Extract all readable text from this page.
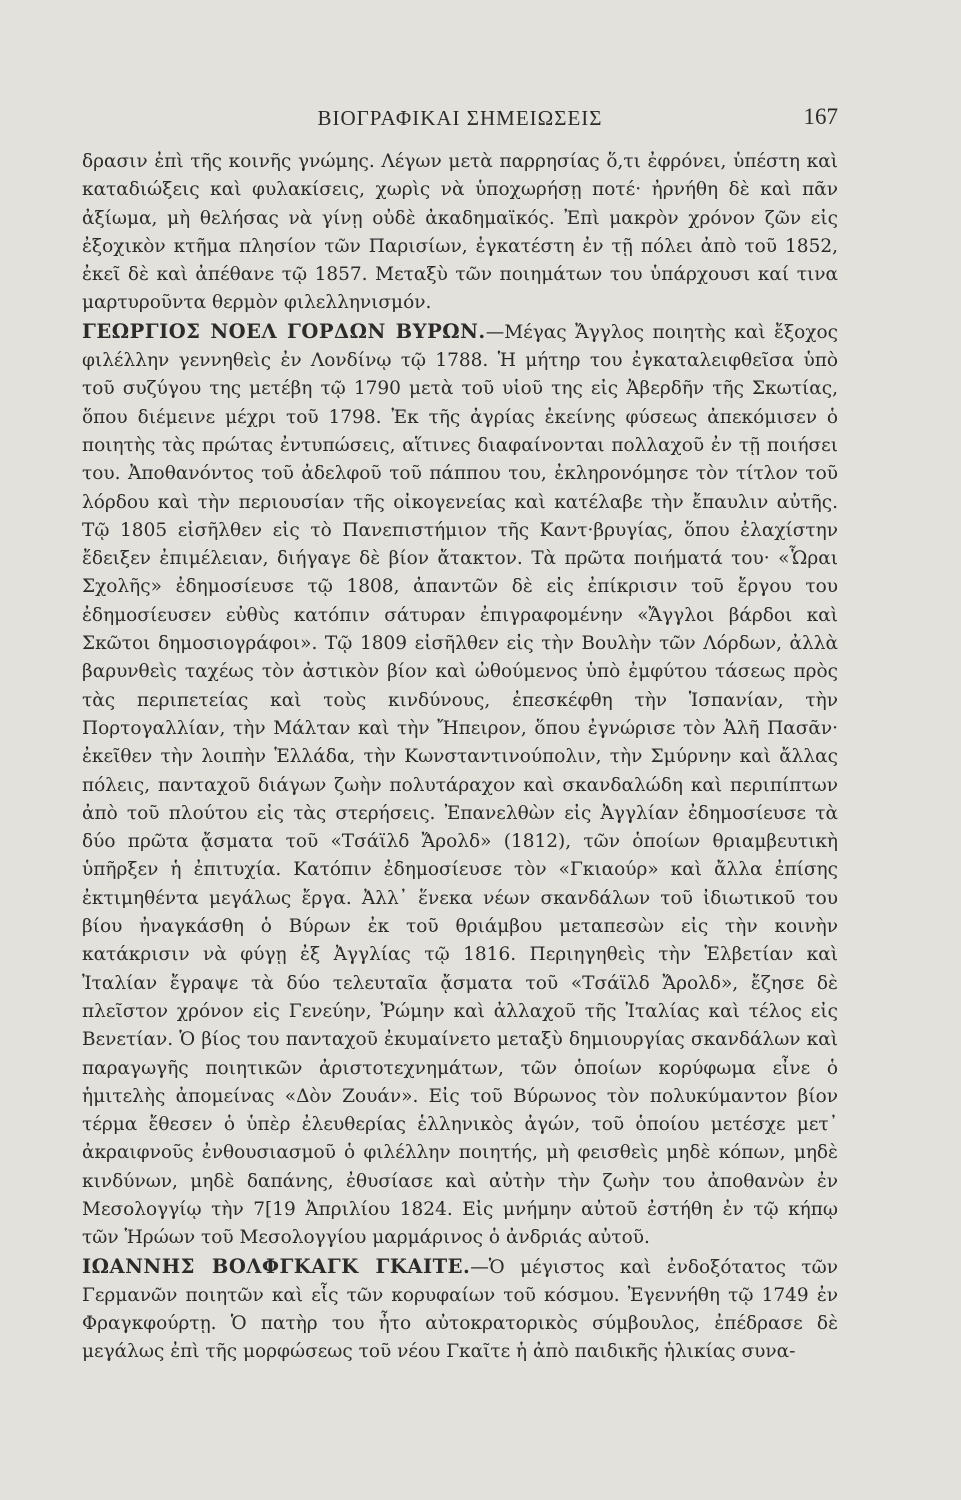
ΒΙΟΓΡΑΦΙΚΑΙ ΣΗΜΕΙΩΣΕΙΣ	167

δρασιν ἐπὶ τῆς κοινῆς γνώμης. Λέγων μετὰ παρρησίας ὅ,τι ἐφρόνει, ὑπέστη καὶ καταδιώξεις καὶ φυλακίσεις, χωρὶς νὰ ὑποχωρήσῃ ποτέ· ἠρνήθη δὲ καὶ πᾶν ἀξίωμα, μὴ θελήσας νὰ γίνῃ οὐδὲ ἀκαδημαϊκός. Ἐπὶ μακρὸν χρόνον ζῶν εἰς ἐξοχικὸν κτῆμα πλησίον τῶν Παρισίων, ἐγκατέστη ἐν τῇ πόλει ἀπὸ τοῦ 1852, ἐκεῖ δὲ καὶ ἀπέθανε τῷ 1857. Μεταξὺ τῶν ποιημάτων του ὑπάρχουσι καί τινα μαρτυροῦντα θερμὸν φιλελληνισμόν.

ΓΕΩΡΓΙΟΣ ΝΟΕΛ ΓΟΡΔΩΝ ΒΥΡΩΝ.—Μέγας Ἄγγλος ποιητὴς καὶ ἔξοχος φιλέλλην γεννηθεὶς ἐν Λονδίνῳ τῷ 1788. Ἡ μήτηρ του ἐγκαταλειφθεῖσα ὑπὸ τοῦ συζύγου της μετέβη τῷ 1790 μετὰ τοῦ υἱοῦ της εἰς Ἀβερδῆν τῆς Σκωτίας, ὅπου διέμεινε μέχρι τοῦ 1798. Ἐκ τῆς ἀγρίας ἐκείνης φύσεως ἀπεκόμισεν ὁ ποιητὴς τὰς πρώτας ἐντυπώσεις, αἵτινες διαφαίνονται πολλαχοῦ ἐν τῇ ποιήσει του. Ἀποθανόντος τοῦ ἀδελφοῦ τοῦ πάππου του, ἐκληρονόμησε τὸν τίτλον τοῦ λόρδου καὶ τὴν περιουσίαν τῆς οἰκογενείας καὶ κατέλαβε τὴν ἔπαυλιν αὐτῆς. Τῷ 1805 εἰσῆλθεν εἰς τὸ Πανεπιστήμιον τῆς Καντ·βρυγίας, ὅπου ἐλαχίστην ἔδειξεν ἐπιμέλειαν, διήγαγε δὲ βίον ἄτακτον. Τὰ πρῶτα ποιήματά του· «Ὧραι Σχολῆς» ἐδημοσίευσε τῷ 1808, ἀπαντῶν δὲ εἰς ἐπίκρισιν τοῦ ἔργου του ἐδημοσίευσεν εὐθὺς κατόπιν σάτυραν ἐπιγραφομένην «Ἄγγλοι βάρδοι καὶ Σκῶτοι δημοσιογράφοι». Τῷ 1809 εἰσῆλθεν εἰς τὴν Βουλὴν τῶν Λόρδων, ἀλλὰ βαρυνθεὶς ταχέως τὸν ἀστικὸν βίον καὶ ὠθούμενος ὑπὸ ἐμφύτου τάσεως πρὸς τὰς περιπετείας καὶ τοὺς κινδύνους, ἐπεσκέφθη τὴν Ἱσπανίαν, τὴν Πορτογαλλίαν, τὴν Μάλταν καὶ τὴν Ἤπειρον, ὅπου ἐγνώρισε τὸν Ἀλῆ Πασᾶν· ἐκεῖθεν τὴν λοιπὴν Ἑλλάδα, τὴν Κωνσταντινούπολιν, τὴν Σμύρνην καὶ ἄλλας πόλεις, πανταχοῦ διάγων ζωὴν πολυτάραχον καὶ σκανδαλώδη καὶ περιπίπτων ἀπὸ τοῦ πλούτου εἰς τὰς στερήσεις. Ἐπανελθὼν εἰς Ἀγγλίαν ἐδημοσίευσε τὰ δύο πρῶτα ᾄσματα τοῦ «Τσάϊλδ Ἄρολδ» (1812), τῶν ὁποίων θριαμβευτικὴ ὑπῆρξεν ἡ ἐπιτυχία. Κατόπιν ἐδημοσίευσε τὸν «Γκιαούρ» καὶ ἄλλα ἐπίσης ἐκτιμηθέντα μεγάλως ἔργα. Ἀλλ᾽ ἕνεκα νέων σκανδάλων τοῦ ἰδιωτικοῦ του βίου ἠναγκάσθη ὁ Βύρων ἐκ τοῦ θριάμβου μεταπεσὼν εἰς τὴν κοινὴν κατάκρισιν νὰ φύγῃ ἐξ Ἀγγλίας τῷ 1816. Περιηγηθεὶς τὴν Ἑλβετίαν καὶ Ἰταλίαν ἔγραψε τὰ δύο τελευταῖα ᾄσματα τοῦ «Τσάϊλδ Ἄρολδ», ἔζησε δὲ πλεῖστον χρόνον εἰς Γενεύην, Ῥώμην καὶ ἀλλαχοῦ τῆς Ἰταλίας καὶ τέλος εἰς Βενετίαν. Ὁ βίος του πανταχοῦ ἐκυμαίνετο μεταξὺ δημιουργίας σκανδάλων καὶ παραγωγῆς ποιητικῶν ἀριστοτεχνημάτων, τῶν ὁποίων κορύφωμα εἶνε ὁ ἡμιτελὴς ἀπομείνας «Δὸν Ζουάν». Εἰς τοῦ Βύρωνος τὸν πολυκύμαντον βίον τέρμα ἔθεσεν ὁ ὑπὲρ ἐλευθερίας ἑλληνικὸς ἀγών, τοῦ ὁποίου μετέσχε μετ᾽ ἀκραιφνοῦς ἐνθουσιασμοῦ ὁ φιλέλλην ποιητής, μὴ φεισθεὶς μηδὲ κόπων, μηδὲ κινδύνων, μηδὲ δαπάνης, ἐθυσίασε καὶ αὐτὴν τὴν ζωὴν του ἀποθανὼν ἐν Μεσολογγίῳ τὴν 7[19 Ἀπριλίου 1824. Εἰς μνήμην αὐτοῦ ἐστήθη ἐν τῷ κήπῳ τῶν Ἡρώων τοῦ Μεσολογγίου μαρμάρινος ὁ ἀνδριάς αὐτοῦ.

ΙΩΑΝΝΗΣ ΒΟΛΦΓΚΑΓΚ ΓΚΑΙΤΕ.—Ὁ μέγιστος καὶ ἐνδοξότατος τῶν Γερμανῶν ποιητῶν καὶ εἷς τῶν κορυφαίων τοῦ κόσμου. Ἐγεννήθη τῷ 1749 ἐν Φραγκφούρτῃ. Ὁ πατὴρ του ἦτο αὐτοκρατορικὸς σύμβουλος, ἐπέδρασε δὲ μεγάλως ἐπὶ τῆς μορφώσεως τοῦ νέου Γκαῖτε ἡ ἀπὸ παιδικῆς ἡλικίας συνα-
